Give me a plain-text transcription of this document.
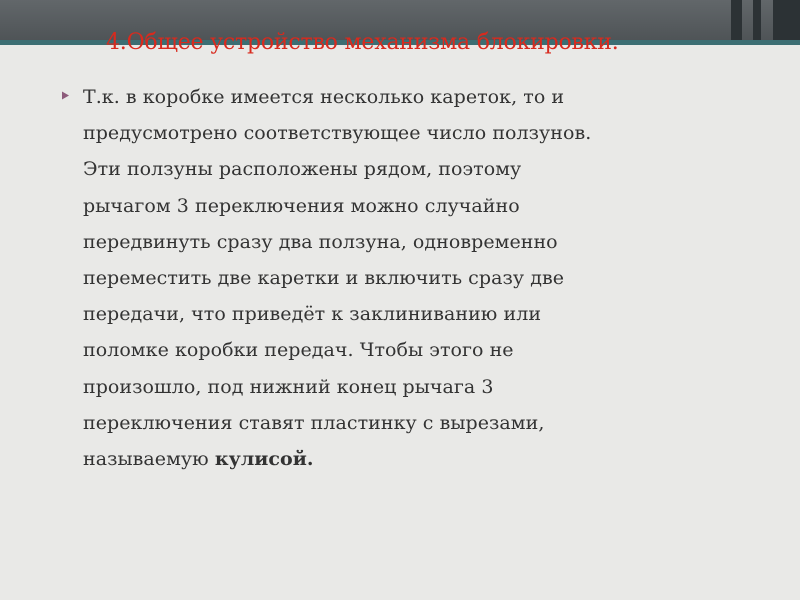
4.Общее устройство механизма блокировки.

Т.к. в коробке имеется несколько кареток, то и
предусмотрено соответствующее число ползунов.
Эти ползуны расположены рядом, поэтому
рычагом 3 переключения можно случайно
передвинуть сразу два ползуна, одновременно
переместить две каретки и включить сразу две
передачи, что приведёт к заклиниванию или
поломке коробки передач. Чтобы этого не
произошло, под нижний конец рычага 3
переключения ставят пластинку с вырезами,
называемую кулисой.
